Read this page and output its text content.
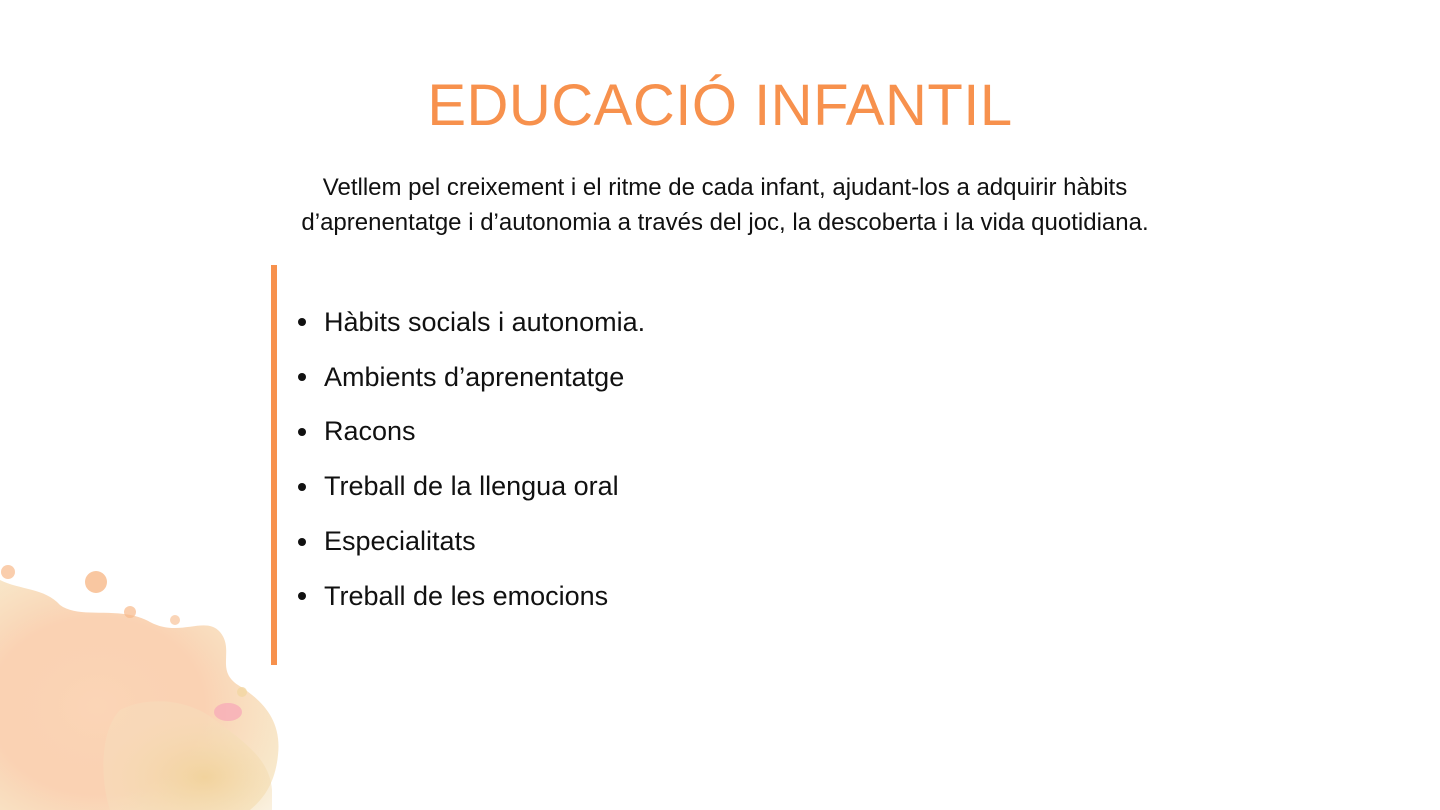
EDUCACIÓ INFANTIL

Vetllem pel creixement i el ritme de cada infant, ajudant-los a adquirir hàbits
d’aprenentatge i d’autonomia a través del joc, la descoberta i la vida quotidiana.

Hàbits socials i autonomia.
Ambients d’aprenentatge
Racons
Treball de la llengua oral
Especialitats
Treball de les emocions
